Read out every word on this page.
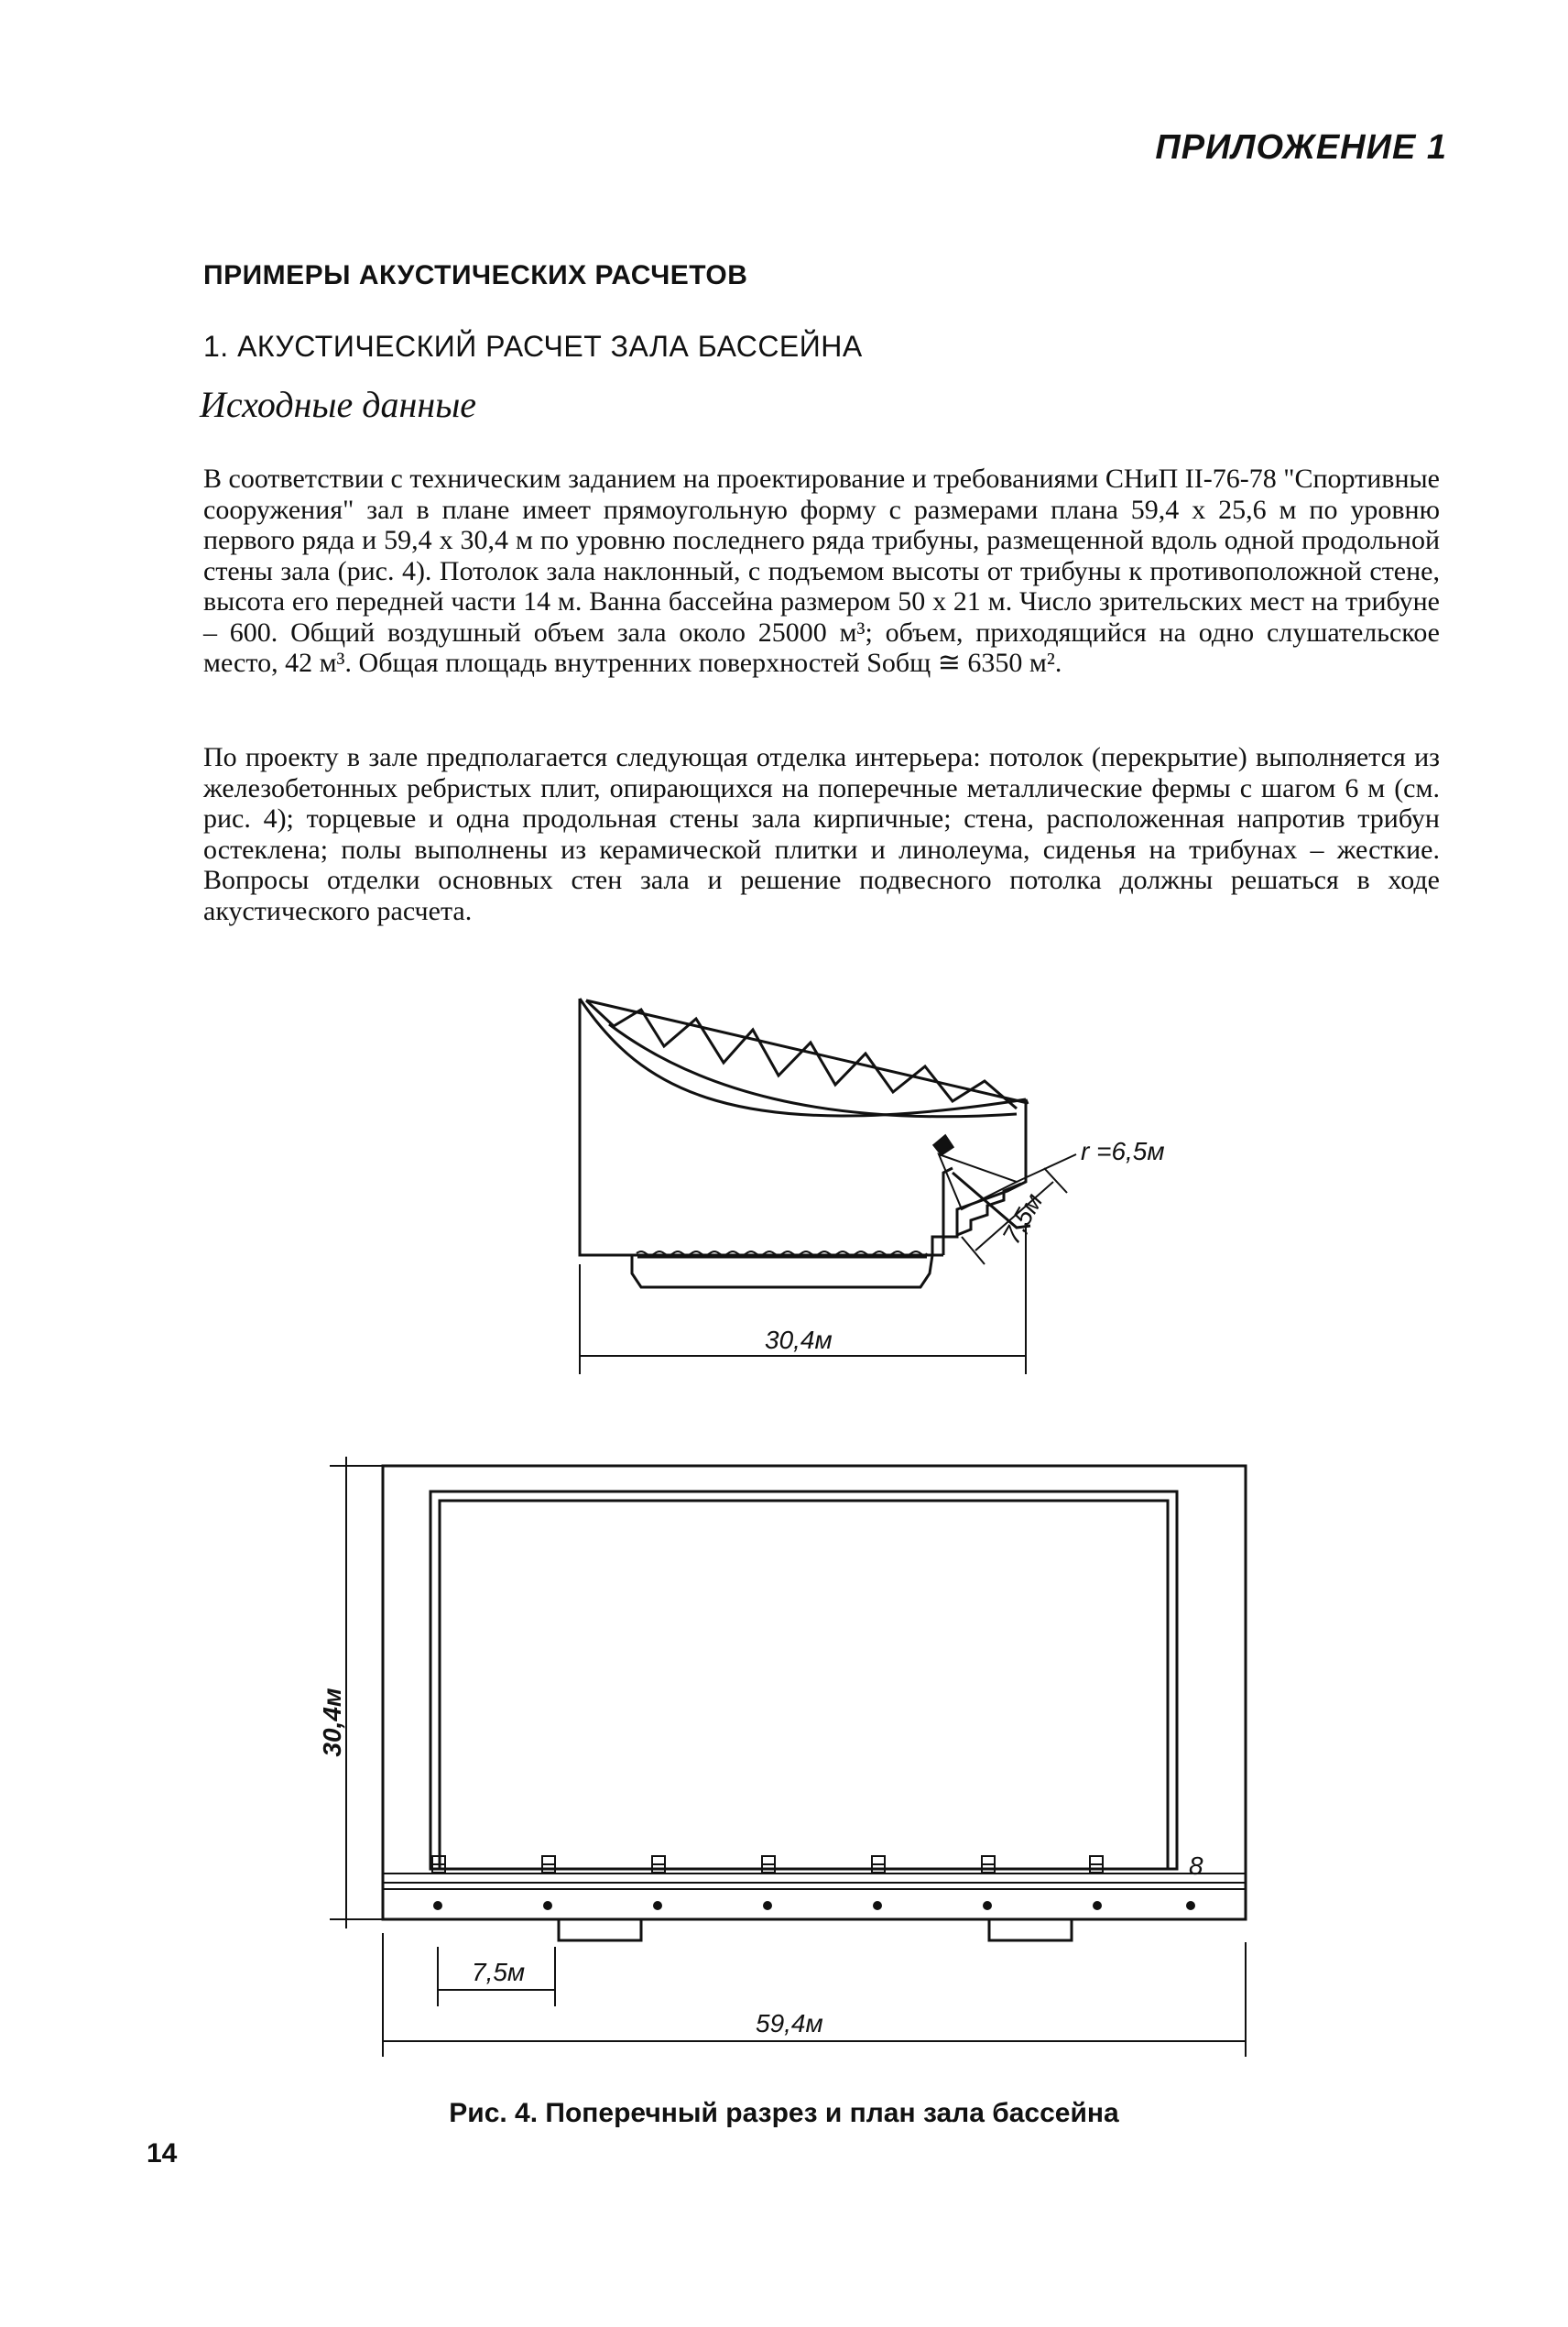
ПРИЛОЖЕНИЕ 1
ПРИМЕРЫ АКУСТИЧЕСКИХ РАСЧЕТОВ
1. АКУСТИЧЕСКИЙ РАСЧЕТ ЗАЛА БАССЕЙНА
Исходные данные
В соответствии с техническим заданием на проектирование и требованиями СНиП II-76-78 "Спортивные сооружения" зал в плане имеет прямоугольную форму с размерами плана 59,4 х 25,6 м по уровню первого ряда и 59,4 х 30,4 м по уровню последнего ряда трибуны, размещенной вдоль одной продольной стены зала (рис. 4). Потолок зала наклонный, с подъемом высоты от трибуны к противоположной стене, высота его передней части 14 м. Ванна бассейна размером 50 х 21 м. Число зрительских мест на трибуне – 600. Общий воздушный объем зала около 25000 м³; объем, приходящийся на одно слушательское место, 42 м³. Общая площадь внутренних поверхностей Sобщ ≅ 6350 м².
По проекту в зале предполагается следующая отделка интерьера: потолок (перекрытие) выполняется из железобетонных ребристых плит, опирающихся на поперечные металлические фермы с шагом 6 м (см. рис. 4); торцевые и одна продольная стены зала кирпичные; стена, расположенная напротив трибун остеклена; полы выполнены из керамической плитки и линолеума, сиденья на трибунах – жесткие. Вопросы отделки основных стен зала и решение подвесного потолка должны решаться в ходе акустического расчета.
r =6,5м
7,5м
30,4м
8
30,4м
7,5м
59,4м
Рис. 4. Поперечный разрез и план зала бассейна
14
